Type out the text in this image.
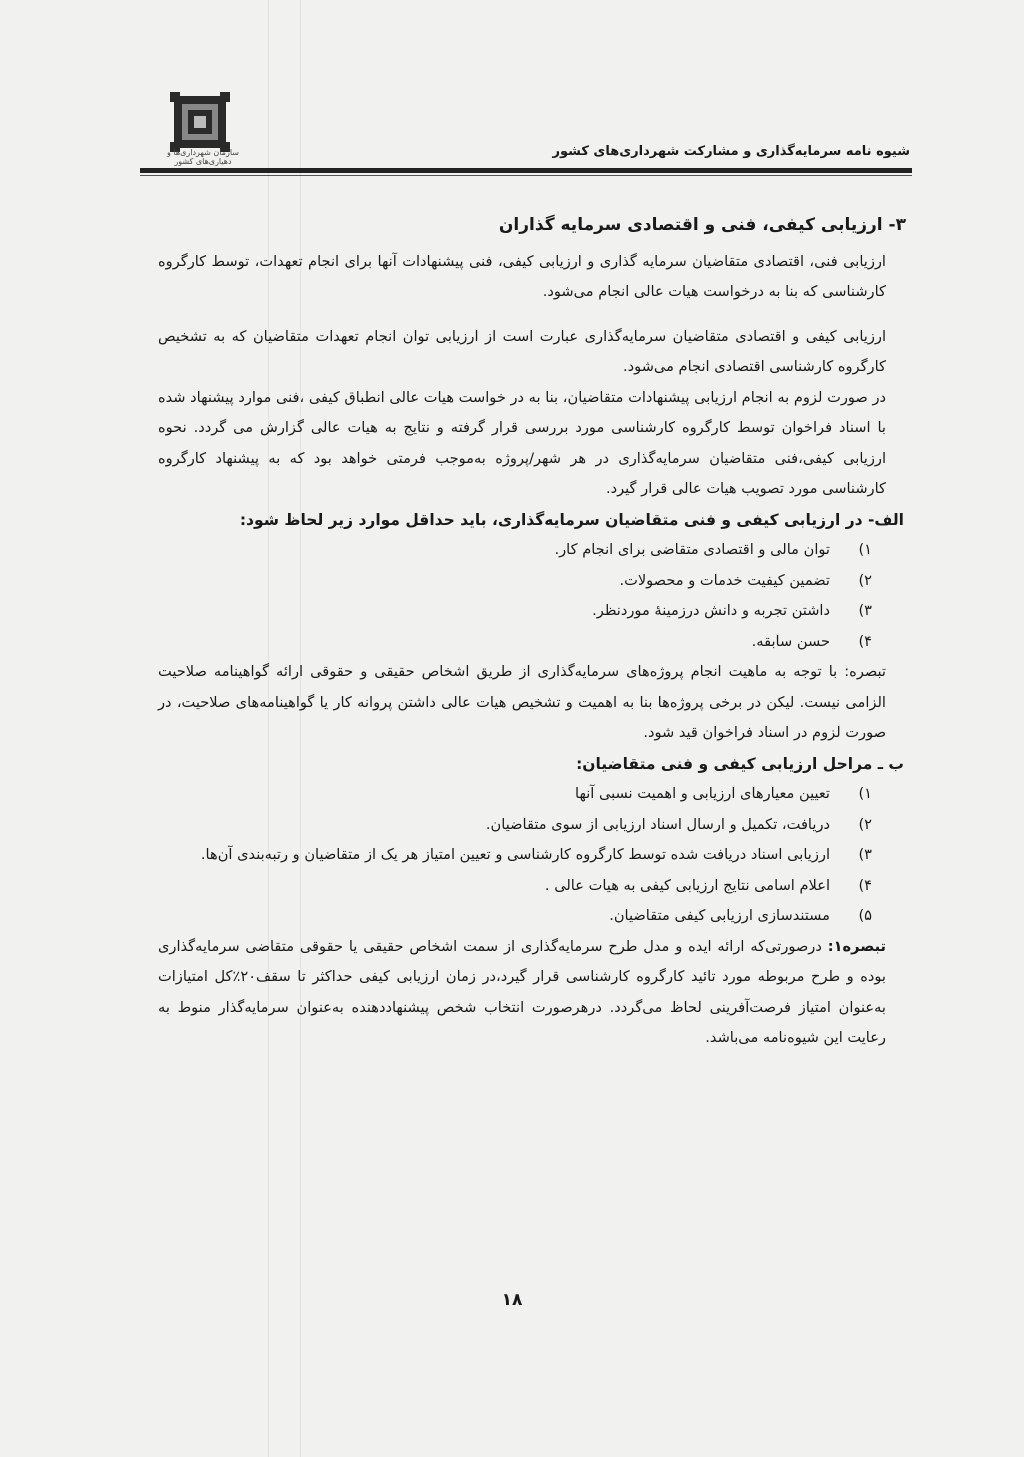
سازمان شهرداری‌ها و دهیاری‌های کشور
شیوه نامه سرمایه‌گذاری و مشارکت شهرداری‌های کشور

۳- ارزیابی کیفی، فنی و اقتصادی سرمایه گذاران

ارزیابی فنی، اقتصادی متقاضیان سرمایه گذاری و ارزیابی کیفی، فنی پیشنهادات آنها برای انجام تعهدات، توسط کارگروه کارشناسی که بنا به درخواست هیات عالی انجام می‌شود.

ارزیابی کیفی و اقتصادی متقاضیان سرمایه‌گذاری عبارت است از ارزیابی توان انجام تعهدات متقاضیان که به تشخیص کارگروه کارشناسی اقتصادی انجام می‌شود.

در صورت لزوم به انجام ارزیابی پیشنهادات متقاضیان، بنا به در خواست هیات عالی انطباق کیفی ،فنی موارد پیشنهاد شده با اسناد فراخوان توسط کارگروه کارشناسی مورد بررسی قرار گرفته و نتایج به هیات عالی گزارش می گردد. نحوه ارزیابی کیفی،فنی متقاضیان سرمایه‌گذاری در هر شهر/پروژه به‌موجب فرمتی خواهد بود که به پیشنهاد کارگروه کارشناسی مورد تصویب هیات عالی قرار گیرد.

الف- در ارزیابی کیفی و فنی متقاضیان سرمایه‌گذاری، باید حداقل موارد زیر لحاظ شود:

۱)
توان مالی و اقتصادی متقاضی برای انجام کار.
۲)
تضمین کیفیت خدمات و محصولات.
۳)
داشتن تجربه و دانش درزمینهٔ موردنظر.
۴)
حسن سابقه.

تبصره: با توجه به ماهیت انجام پروژه‌های سرمایه‌گذاری از طریق اشخاص حقیقی و حقوقی ارائه گواهینامه صلاحیت الزامی نیست. لیکن در برخی پروژه‌ها بنا به اهمیت و تشخیص هیات عالی داشتن پروانه کار یا گواهینامه‌های صلاحیت، در صورت لزوم در اسناد فراخوان قید شود.

ب ـ مراحل ارزیابی کیفی و فنی متقاضیان:

۱)
تعیین معیارهای ارزیابی و اهمیت نسبی آنها
۲)
دریافت، تکمیل و ارسال اسناد ارزیابی از سوی متقاضیان.
۳)
ارزیابی اسناد دریافت شده توسط کارگروه کارشناسی و تعیین امتیاز هر یک از متقاضیان و رتبه‌بندی آن‌ها.
۴)
اعلام اسامی نتایج ارزیابی کیفی به هیات عالی .
۵)
مستندسازی ارزیابی کیفی متقاضیان.

تبصره۱: درصورتی‌که ارائه ایده و مدل طرح سرمایه‌گذاری از سمت اشخاص حقیقی یا حقوقی متقاضی سرمایه‌گذاری بوده و طرح مربوطه مورد تائید کارگروه کارشناسی قرار گیرد،در زمان ارزیابی کیفی حداکثر تا سقف۲۰٪کل امتیازات به‌عنوان امتیاز فرصت‌آفرینی لحاظ می‌گردد. درهرصورت انتخاب شخص پیشنهاددهنده به‌عنوان سرمایه‌گذار منوط به رعایت این شیوه‌نامه می‌باشد.

۱۸
